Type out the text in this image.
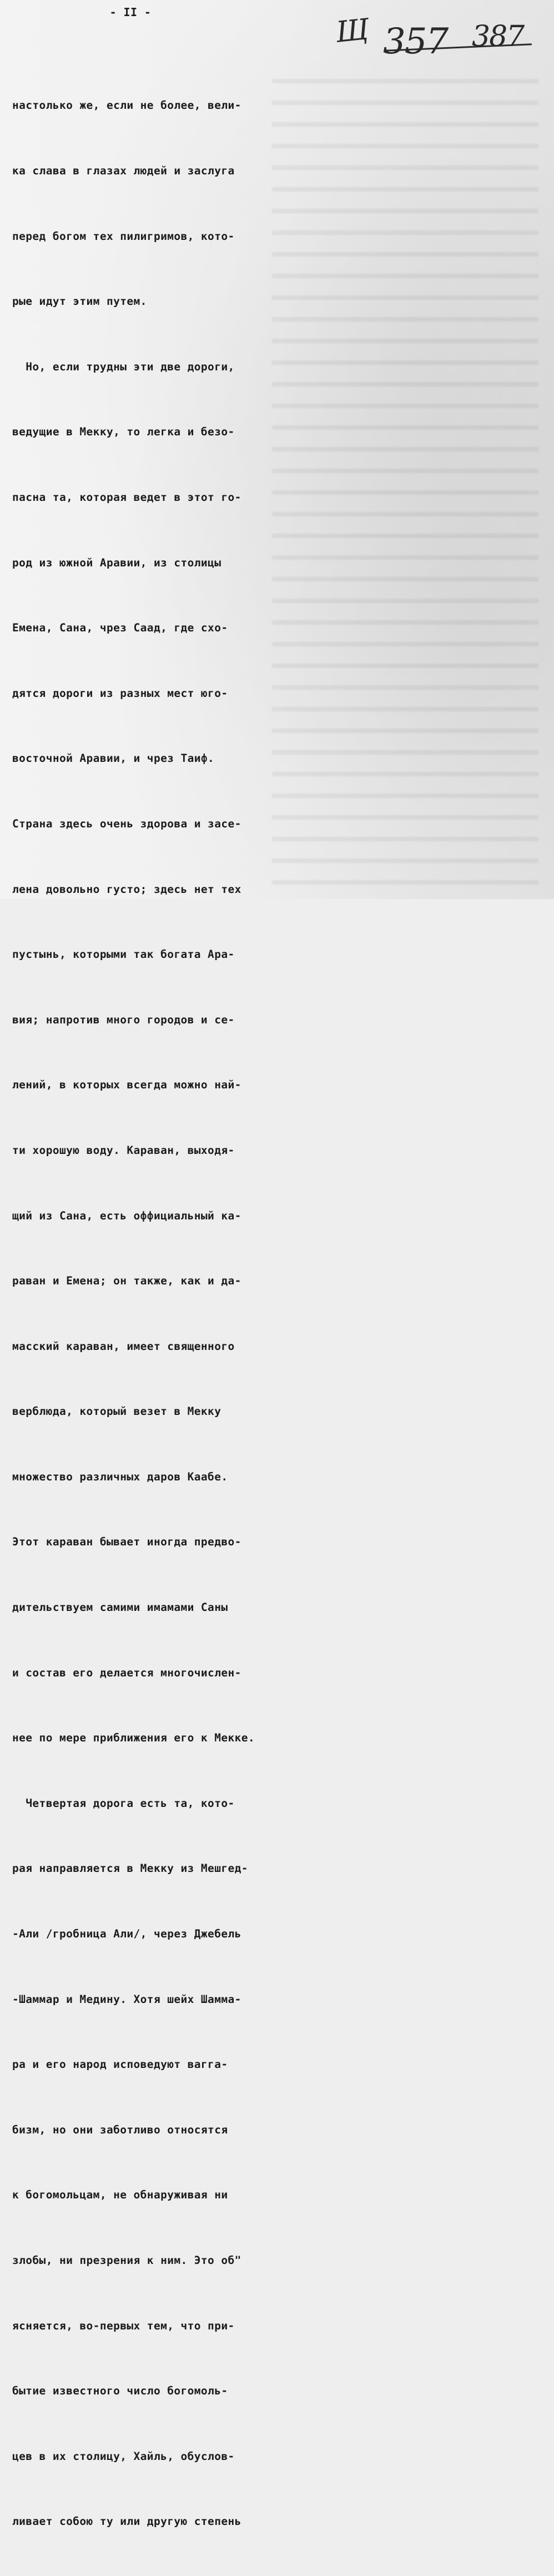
- II -
Щ 357 387

настолько же, если не более, вели-

ка слава в глазах людей и заслуга

перед богом тех пилигримов, кото-

рые идут этим путем.

Но, если трудны эти две дороги,

ведущие в Мекку, то легка и безо-

пасна та, которая ведет в этот го-

род из южной Аравии, из столицы

Емена, Сана, чрез Саад, где схо-

дятся дороги из разных мест юго-

восточной Аравии, и чрез Таиф.

Страна здесь очень здорова и засе-

лена довольно густо; здесь нет тех

пустынь, которыми так богата Ара-

вия; напротив много городов и се-

лений, в которых всегда можно най-

ти хорошую воду. Караван, выходя-

щий из Сана, есть оффициальный ка-

раван и Емена; он также, как и да-

масский караван, имеет священного

верблюда, который везет в Мекку

множество различных даров Каабе.

Этот караван бывает иногда предво-

дительствуем самими имамами Саны

и состав его делается многочислен-

нее по мере приближения его к Мекке.

Четвертая дорога есть та, кото-

рая направляется в Мекку из Мешгед-

-Али /гробница Али/, через Джебель

-Шаммар и Медину. Хотя шейх Шамма-

ра и его народ исповедуют ваггa-

бизм, но они заботливо относятся

к богомольцам, не обнаруживая ни

злобы, ни презрения к ним. Это об"

ясняется, во-первых тем, что при-

бытие известного число богомоль-

цев в их столицу, Хайль, обуслов-

ливает собою ту или другую степень
